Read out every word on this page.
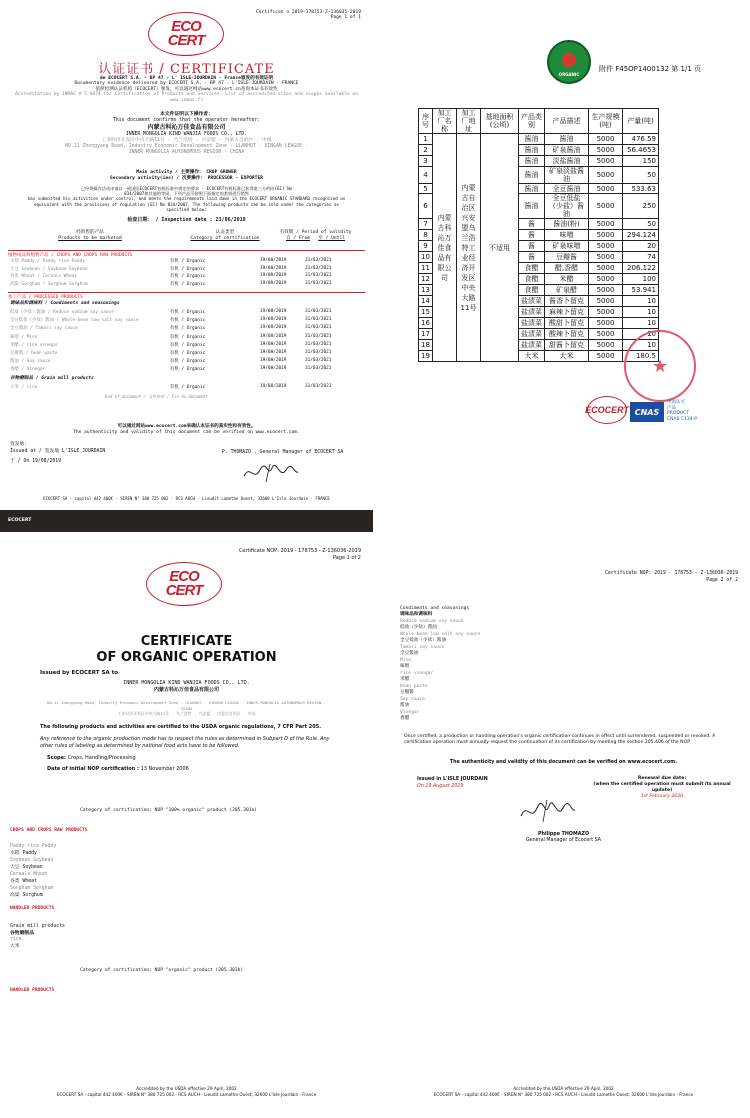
Certificat n 2019-178753-Z-136035-2019
Page 1 of 1
ECO
CERT
认证证书 / CERTIFICATE
de ECOCERT S.A. - BP 47 - L' ISLE-JOURDAIN - France颁发的有效证明
Documentary evidence delivered by ECOCERT S.A. - BP 47 - L'ISLE-JOURDAIN - FRANCE
依照检测认证机构（ECOCERT）颁发，可以通过网站www.ecocert.cn查询本证书有效性
Accreditation by INMAC # 5-0074 for Certification of Products and Services. List of accredited sites and scopes available on www.inmac.fr
本文件证明以下操作者：
This document confirms that the operator hereafter:
内蒙古科沁万佳食品有限公司
INNER MONGOLIA KIND WANJIA FOODS CO., LTD.
工业经济开发区中央大路11号 - 乌兰浩特 - 兴安盟 - 内蒙古自治区 - 中国
NO.11 Zhongyang Road, Industry Economic Development Zone - ULANHOT - XINGAN LEAGUE -
INNER MONGOLIA AUTONOMOUS REGION - CHINA
Main activity / 主要操作： CROP GROWER
Secondary activity(ies) / 次要操作： PROCESSOR - EXPORTER
已经将操作活动申请以一致国际ECOCERT有机标准中规定的要求 - ECOCERT有机标准已获得第三方的同(EC) No
834/2007和其他的等同，下列产品可按照下面指定的类别进行销售
has submitted his activities under control, and meets the requirements laid down in the ECOCERT ORGANIC STANDARD recognized as
equivalent with the provisions of regulation (EC) No 834/2007. The following products can be sold under the categories as
specified below:
检查日期： / Inspection date : 23/06/2019
经销售的产品
Products to be marketed
认证类型
Category of certification
有效期 / Period of validity
自 / From 至 / Until
植物成品和植物产品 / CROPS AND CROPS RAW PRODUCTS
水稻 Paddy / Paddy rice Paddy	有机 / Organic	19/08/2019	31/03/2021
大豆 Soybean / Soybean Soybean	有机 / Organic	19/08/2019	31/03/2021
谷类 Wheat / Cereals Wheat	有机 / Organic	19/08/2019	31/03/2021
高粱 Sorghum / Sorghum Sorghum	有机 / Organic	19/08/2019	31/03/2021
加工产品 / PROCESSED PRODUCTS
调味品和调味料 / Condiments and seasonings
低盐（少盐）酱油 / Reduce sodium soy sauce	有机 / Organic	19/08/2019	31/03/2021
全豆低盐（少盐）酱油 / Whole-bean low salt soy sauce	有机 / Organic	19/08/2019	31/03/2021
全豆酱油 / Tamari soy sauce	有机 / Organic	19/08/2019	31/03/2021
味噌 / Miso	有机 / Organic	19/08/2019	31/03/2021
米醋 / rice vinegar	有机 / Organic	19/08/2019	31/03/2021
豆瓣酱 / bean paste	有机 / Organic	19/08/2019	31/03/2021
酱油 / Soy sauce	有机 / Organic	19/08/2019	31/03/2021
香醋 / Vinegar	有机 / Organic	19/08/2019	31/03/2021
谷物磨制品 / Grain mill products
大米 / rice	有机 / Organic	19/08/2019	31/03/2021
End of document / 文件结束 / Fin du document
可以通过网站www.ecocert.com来确认本证书的真实性和有效性。
The authenticity and validity of this document can be verified on www.ecocert.com.
签发地：
Issued at / 签发地 L'ISLE JOURDAIN
于 / On 19/08/2019
P. THOMAZO , General Manager of ECOCERT SA
ECOCERT SA - capital 442 400€ - SIREN N° 380 725 002 - RCS AUCH - Lieudit Lamothe Ouest, 32600 L'Isle Jourdain - FRANCE
ECOCERT
ORGANIC
附件 F45OP1400132 第 1/1 页
序号	加工厂名称	加工厂地址	基地面积(公顷)	产品类别	产品描述	生产规模(吨)	产量(吨)
1	内蒙古科沁万佳食品有限公司	内蒙古自治区兴安盟乌兰浩特工业经济开发区中央大路11号	不适用	酱油	酱油	5000	476.59
2				酱油	矿泉酱油	5000	56.4653
3				酱油	淡盐酱油	5000	150
4				酱油	矿泉淡盐酱油	5000	50
5				酱油	全豆酱油	5000	533.63
6				酱油	全豆低盐（少盐）酱油	5000	250
7				酱	酱油(粉)	5000	50
8				酱	味噌	5000	294.124
9				酱	矿泉味噌	5000	20
10				酱	豆瓣酱	5000	74
11				食醋	醋,香醋	5000	206.122
12				食醋	米醋	5000	100
13				食醋	矿泉醋	5000	53.941
14				盐渍菜	酱香卜留克	5000	10
15				盐渍菜	麻辣卜留克	5000	10
16				盐渍菜	酸甜卜留克	5000	10
17				盐渍菜	酸辣卜留克	5000	10
18				盐渍菜	甜酱卜留克	5000	10
19				大米	大米	5000	180.5
★
ECOCERT CNAS
中国认可
产品
PRODUCT
CNAS C134-P
Certificate NOP: 2019 - 178753 - Z-136036-2019
Page 1 of 2
ECO
CERT
CERTIFICATE
OF ORGANIC OPERATION
Issued by ECOCERT SA to
INNER MONGOLIA KIND WANJIA FOODS CO., LTD.
内蒙古科沁万佳食品有限公司
NO.11 Zhongyang Road, Industry Economic Development Zone - ULANHOT - XINGAN LEAGUE - INNER MONGOLIA AUTONOMOUS REGION -
CHINA
工业经济开发区中央大路11号 - 乌兰浩特 - 兴安盟 - 内蒙古自治区 - 中国
The following products and activities are certified to the USDA organic regulations, 7 CFR Part 205.
Any reference to the organic production mode has to respect the rules as determined in Subpart D of the Rule. Any other rules of labeling as determined by national food acts have to be followed.
Scope: Crops, Handling/Processing
Date of initial NOP certification : 13 November 2006
Category of certification: NOP "100% organic" product (205.301a)
CROPS AND CROPS RAW PRODUCTS
Paddy rice Paddy
水稻 Paddy
Soybean Soybean
大豆 Soybean
Cereals Wheat
谷类 Wheat
Sorghum Sorghum
高粱 Sorghum
HANDLED PRODUCTS
Grain mill products
谷物磨制品
rice
大米
Category of certification: NOP "organic" product (205.301b)
HANDLED PRODUCTS
Accredited by the USDA effective 29 April, 2002
ECOCERT SA - capital 442 400€ - SIREN N° 380 725 002 - RCS AUCH - Lieudit Lamothe Ouest, 32600 L'Isle Jourdain - France
Certificate NOP: 2019 - 178753 - Z-136036-2019
Page 2 of 2
Condiments and seasonings
调味品和调味料
Reduce sodium soy sauce
低盐（少盐）酱油
Whole-bean low salt soy sauce
全豆低盐（少盐）酱油
Tamari soy sauce
全豆酱油
Miso
味噌
rice vinegar
米醋
bean paste
豆瓣酱
Soy sauce
酱油
Vinegar
香醋
Once certified, a production or handling operation's organic certification continues in effect until surrendered, suspended or revoked. A certification operation must annually request the continuation of its certification by meeting the section 205.406 of the NOP.
The authenticity and validity of this document can be verified on www.ecocert.com.
Issued in L'ISLE JOURDAIN
On 19 August 2019
Renewal due date:
(when the certified operation must submit its annual update)
1st February 2020
Philippe THOMAZO
General Manager of Ecocert SA
Accredited by the USDA effective 29 April, 2002
ECOCERT SA - capital 442 400€ - SIREN N° 380 725 002 - RCS AUCH - Lieudit Lamothe Ouest, 32600 L'Isle Jourdain - France
